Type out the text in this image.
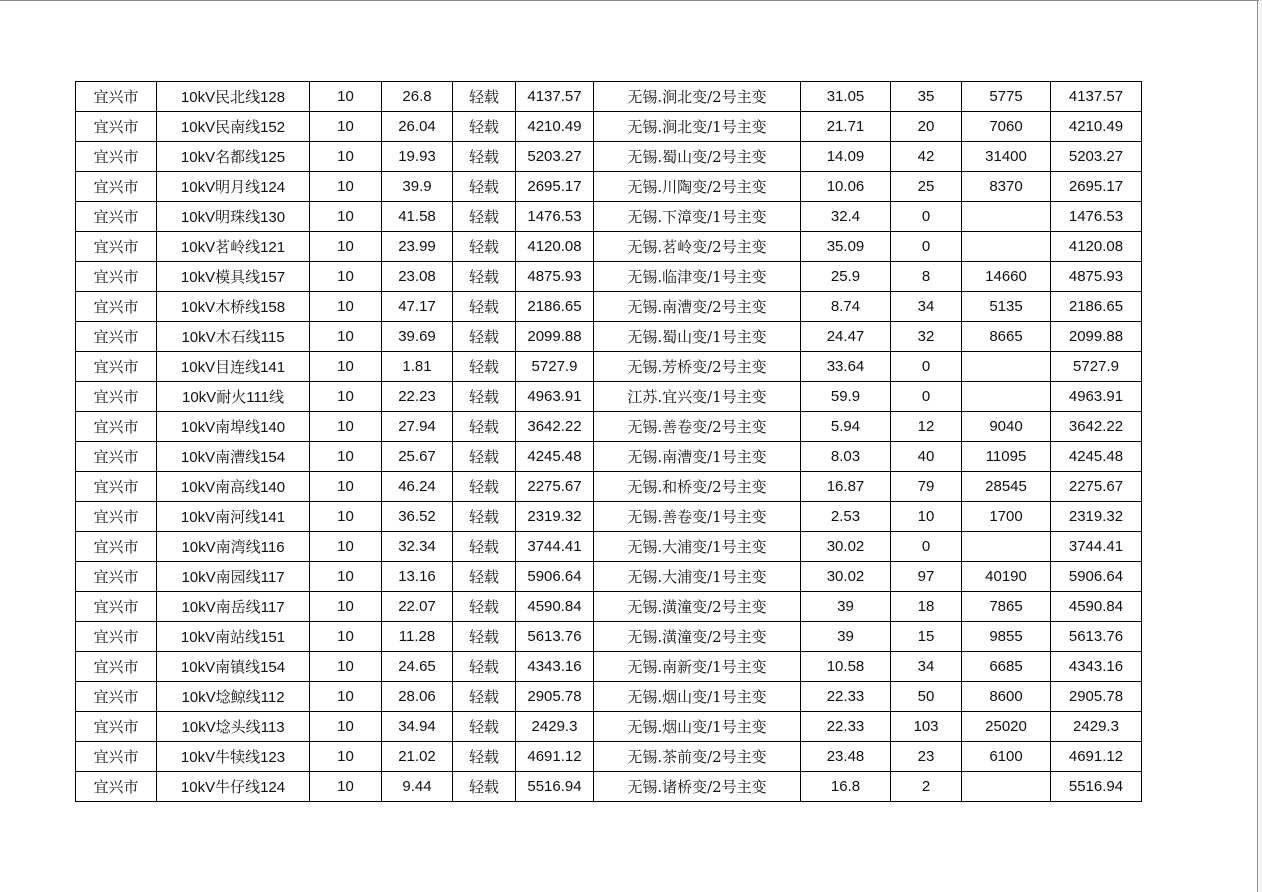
宜兴市	10kV民北线128	10	26.8	轻载	4137.57	无锡.涧北变/2号主变	31.05	35	5775	4137.57
宜兴市	10kV民南线152	10	26.04	轻载	4210.49	无锡.涧北变/1号主变	21.71	20	7060	4210.49
宜兴市	10kV名都线125	10	19.93	轻载	5203.27	无锡.蜀山变/2号主变	14.09	42	31400	5203.27
宜兴市	10kV明月线124	10	39.9	轻载	2695.17	无锡.川陶变/2号主变	10.06	25	8370	2695.17
宜兴市	10kV明珠线130	10	41.58	轻载	1476.53	无锡.下漳变/1号主变	32.4	0		1476.53
宜兴市	10kV茗岭线121	10	23.99	轻载	4120.08	无锡.茗岭变/2号主变	35.09	0		4120.08
宜兴市	10kV模具线157	10	23.08	轻载	4875.93	无锡.临津变/1号主变	25.9	8	14660	4875.93
宜兴市	10kV木桥线158	10	47.17	轻载	2186.65	无锡.南漕变/2号主变	8.74	34	5135	2186.65
宜兴市	10kV木石线115	10	39.69	轻载	2099.88	无锡.蜀山变/1号主变	24.47	32	8665	2099.88
宜兴市	10kV目连线141	10	1.81	轻载	5727.9	无锡.芳桥变/2号主变	33.64	0		5727.9
宜兴市	10kV耐火111线	10	22.23	轻载	4963.91	江苏.宜兴变/1号主变	59.9	0		4963.91
宜兴市	10kV南埠线140	10	27.94	轻载	3642.22	无锡.善卷变/2号主变	5.94	12	9040	3642.22
宜兴市	10kV南漕线154	10	25.67	轻载	4245.48	无锡.南漕变/1号主变	8.03	40	11095	4245.48
宜兴市	10kV南高线140	10	46.24	轻载	2275.67	无锡.和桥变/2号主变	16.87	79	28545	2275.67
宜兴市	10kV南河线141	10	36.52	轻载	2319.32	无锡.善卷变/1号主变	2.53	10	1700	2319.32
宜兴市	10kV南湾线116	10	32.34	轻载	3744.41	无锡.大浦变/1号主变	30.02	0		3744.41
宜兴市	10kV南园线117	10	13.16	轻载	5906.64	无锡.大浦变/1号主变	30.02	97	40190	5906.64
宜兴市	10kV南岳线117	10	22.07	轻载	4590.84	无锡.潢潼变/2号主变	39	18	7865	4590.84
宜兴市	10kV南站线151	10	11.28	轻载	5613.76	无锡.潢潼变/2号主变	39	15	9855	5613.76
宜兴市	10kV南镇线154	10	24.65	轻载	4343.16	无锡.南新变/1号主变	10.58	34	6685	4343.16
宜兴市	10kV埝鲸线112	10	28.06	轻载	2905.78	无锡.烟山变/1号主变	22.33	50	8600	2905.78
宜兴市	10kV埝头线113	10	34.94	轻载	2429.3	无锡.烟山变/1号主变	22.33	103	25020	2429.3
宜兴市	10kV牛犊线123	10	21.02	轻载	4691.12	无锡.茶前变/2号主变	23.48	23	6100	4691.12
宜兴市	10kV牛仔线124	10	9.44	轻载	5516.94	无锡.诸桥变/2号主变	16.8	2		5516.94
